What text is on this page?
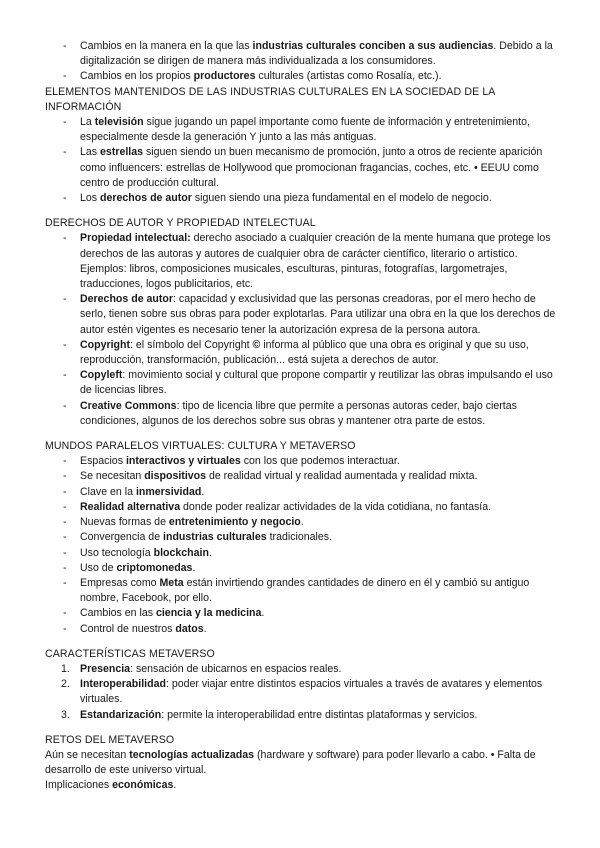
- Cambios en la manera en la que las industrias culturales conciben a sus audiencias. Debido a la digitalización se dirigen de manera más individualizada a los consumidores.
- Cambios en los propios productores culturales (artistas como Rosalía, etc.).
ELEMENTOS MANTENIDOS DE LAS INDUSTRIAS CULTURALES EN LA SOCIEDAD DE LA INFORMACIÓN
- La televisión sigue jugando un papel importante como fuente de información y entretenimiento, especialmente desde la generación Y junto a las más antiguas.
- Las estrellas siguen siendo un buen mecanismo de promoción, junto a otros de reciente aparición como influencers: estrellas de Hollywood que promocionan fragancias, coches, etc. • EEUU como centro de producción cultural.
- Los derechos de autor siguen siendo una pieza fundamental en el modelo de negocio.
DERECHOS DE AUTOR Y PROPIEDAD INTELECTUAL
- Propiedad intelectual: derecho asociado a cualquier creación de la mente humana que protege los derechos de las autoras y autores de cualquier obra de carácter científico, literario o artístico. Ejemplos: libros, composiciones musicales, esculturas, pinturas, fotografías, largometrajes, traducciones, logos publicitarios, etc.
- Derechos de autor: capacidad y exclusividad que las personas creadoras, por el mero hecho de serlo, tienen sobre sus obras para poder explotarlas. Para utilizar una obra en la que los derechos de autor estén vigentes es necesario tener la autorización expresa de la persona autora.
- Copyright: el símbolo del Copyright © informa al público que una obra es original y que su uso, reproducción, transformación, publicación... está sujeta a derechos de autor.
- Copyleft: movimiento social y cultural que propone compartir y reutilizar las obras impulsando el uso de licencias libres.
- Creative Commons: tipo de licencia libre que permite a personas autoras ceder, bajo ciertas condiciones, algunos de los derechos sobre sus obras y mantener otra parte de estos.
MUNDOS PARALELOS VIRTUALES: CULTURA Y METAVERSO
- Espacios interactivos y virtuales con los que podemos interactuar.
- Se necesitan dispositivos de realidad virtual y realidad aumentada y realidad mixta.
- Clave en la inmersividad.
- Realidad alternativa donde poder realizar actividades de la vida cotidiana, no fantasía.
- Nuevas formas de entretenimiento y negocio.
- Convergencia de industrias culturales tradicionales.
- Uso tecnología blockchain.
- Uso de criptomonedas.
- Empresas como Meta están invirtiendo grandes cantidades de dinero en él y cambió su antiguo nombre, Facebook, por ello.
- Cambios en las ciencia y la medicina.
- Control de nuestros datos.
CARACTERÍSTICAS METAVERSO
1. Presencia: sensación de ubicarnos en espacios reales.
2. Interoperabilidad: poder viajar entre distintos espacios virtuales a través de avatares y elementos virtuales.
3. Estandarización: permite la interoperabilidad entre distintas plataformas y servicios.
RETOS DEL METAVERSO

Aún se necesitan tecnologías actualizadas (hardware y software) para poder llevarlo a cabo. • Falta de desarrollo de este universo virtual.

Implicaciones económicas.
